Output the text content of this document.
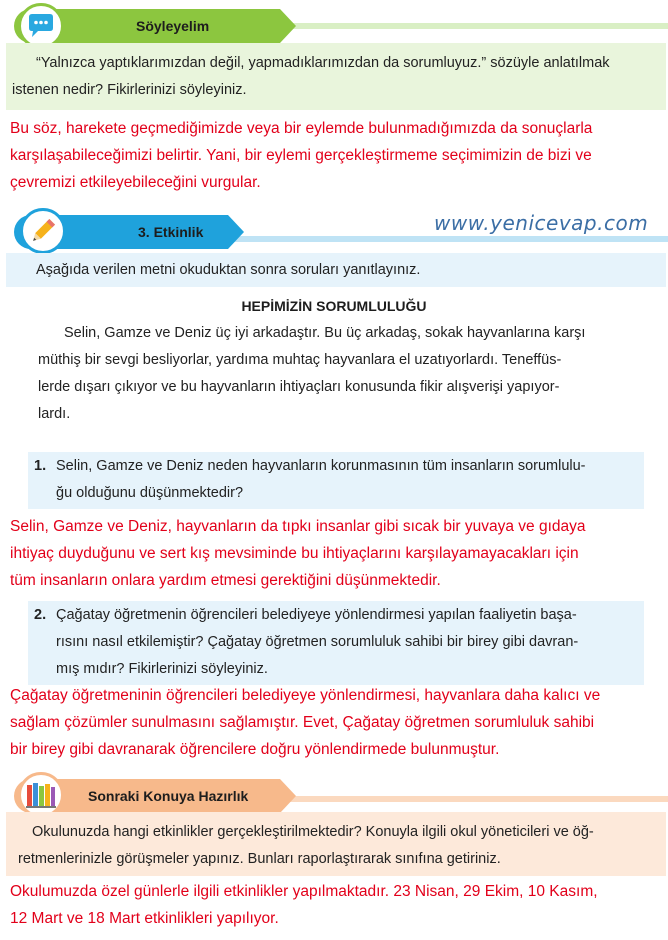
Söyleyelim
“Yalnızca yaptıklarımızdan değil, yapmadıklarımızdan da sorumluyuz.” sözüyle anlatılmak
istenen nedir? Fikirlerinizi söyleyiniz.
Bu söz, harekete geçmediğimizde veya bir eylemde bulunmadığımızda da sonuçlarla
karşılaşabileceğimizi belirtir. Yani, bir eylemi gerçekleştirmeme seçimimizin de bizi ve
çevremizi etkileyebileceğini vurgular.
3. Etkinlik	www.yenicevap.com
Aşağıda verilen metni okuduktan sonra soruları yanıtlayınız.
HEPİMİZİN SORUMLULUĞU
Selin, Gamze ve Deniz üç iyi arkadaştır. Bu üç arkadaş, sokak hayvanlarına karşı
müthiş bir sevgi besliyorlar, yardıma muhtaç hayvanlara el uzatıyorlardı. Teneffüs-
lerde dışarı çıkıyor ve bu hayvanların ihtiyaçları konusunda fikir alışverişi yapıyor-
lardı.
1. Selin, Gamze ve Deniz neden hayvanların korunmasının tüm insanların sorumlulu-
ğu olduğunu düşünmektedir?
Selin, Gamze ve Deniz, hayvanların da tıpkı insanlar gibi sıcak bir yuvaya ve gıdaya
ihtiyaç duyduğunu ve sert kış mevsiminde bu ihtiyaçlarını karşılayamayacakları için
tüm insanların onlara yardım etmesi gerektiğini düşünmektedir.
2. Çağatay öğretmenin öğrencileri belediyeye yönlendirmesi yapılan faaliyetin başa-
rısını nasıl etkilemiştir? Çağatay öğretmen sorumluluk sahibi bir birey gibi davran-
mış mıdır? Fikirlerinizi söyleyiniz.
Çağatay öğretmeninin öğrencileri belediyeye yönlendirmesi, hayvanlara daha kalıcı ve
sağlam çözümler sunulmasını sağlamıştır. Evet, Çağatay öğretmen sorumluluk sahibi
bir birey gibi davranarak öğrencilere doğru yönlendirmede bulunmuştur.
Sonraki Konuya Hazırlık
Okulunuzda hangi etkinlikler gerçekleştirilmektedir? Konuyla ilgili okul yöneticileri ve öğ-
retmenlerinizle görüşmeler yapınız. Bunları raporlaştırarak sınıfına getiriniz.
Okulumuzda özel günlerle ilgili etkinlikler yapılmaktadır. 23 Nisan, 29 Ekim, 10 Kasım,
12 Mart ve 18 Mart etkinlikleri yapılıyor.
